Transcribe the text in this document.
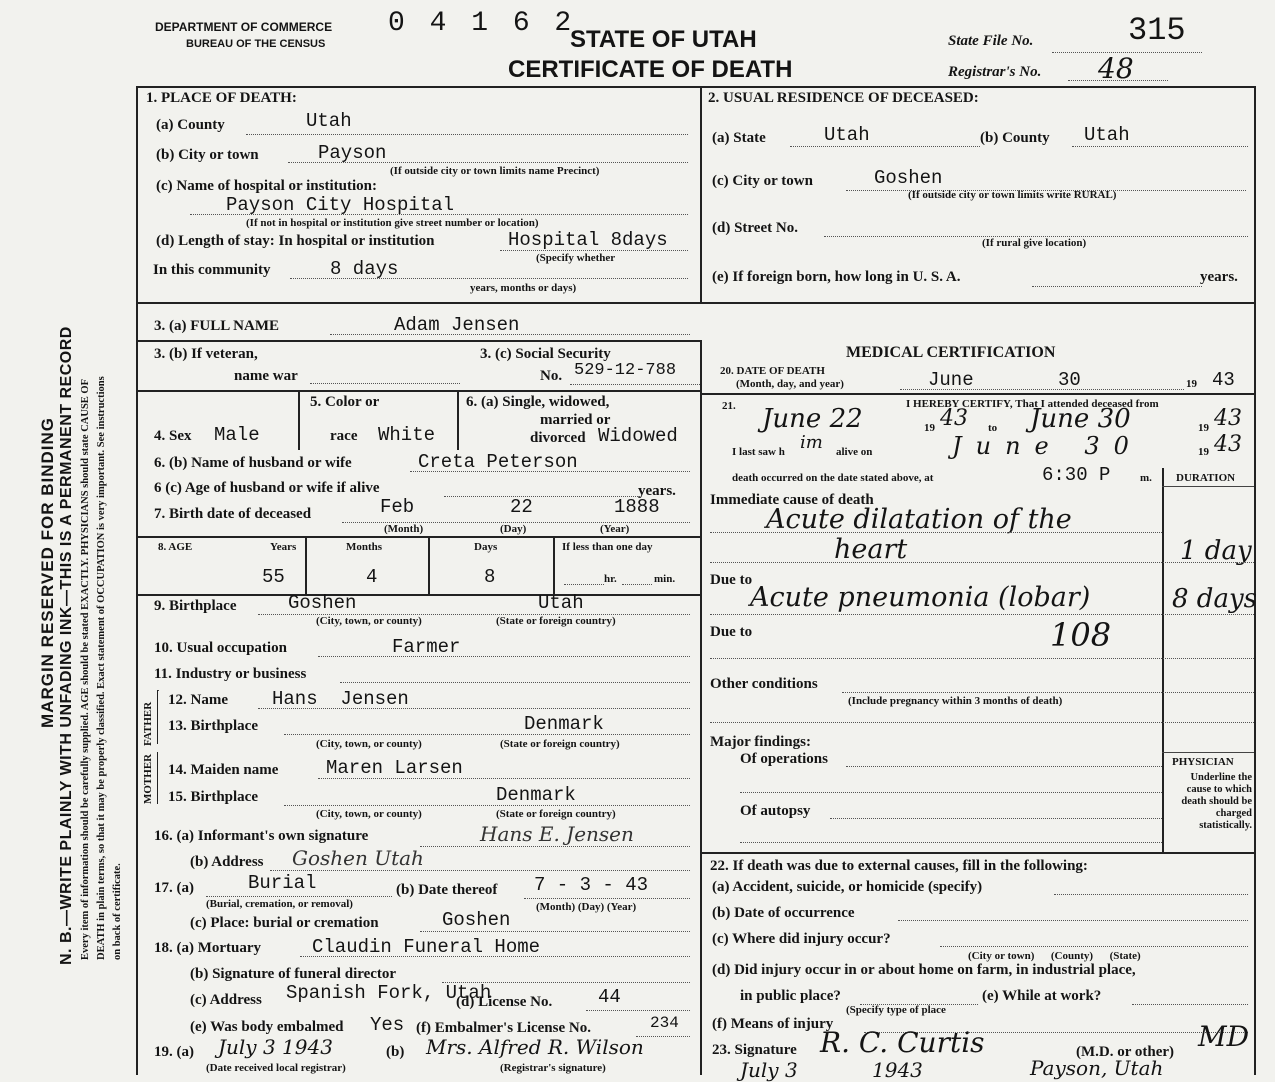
MARGIN RESERVED FOR BINDING N. B.—WRITE PLAINLY WITH UNFADING INK—THIS IS A PERMANENT RECORD Every item of information should be carefully supplied. AGE should be stated EXACTLY. PHYSICIANS should state CAUSE OF DEATH in plain terms, so that it may be properly classified. Exact statement of OCCUPATION is very important. See instructions on back of certificate.
DEPARTMENT OF COMMERCE
BUREAU OF THE CENSUS
0 4 1 6 2
STATE OF UTAH
CERTIFICATE OF DEATH
State File No.	315
Registrar's No. 48
1. PLACE OF DEATH:
(a) County	Utah
(b) City or town	Payson
(If outside city or town limits name Precinct)
(c) Name of hospital or institution:
Payson City Hospital
(If not in hospital or institution give street number or location)
(d) Length of stay: In hospital or institution	Hospital 8days
(Specify whether
In this community	8 days
years, months or days)
2. USUAL RESIDENCE OF DECEASED:
(a) State	Utah	(b) County Utah
(c) City or town	Goshen
(If outside city or town limits write RURAL)
(d) Street No.
(If rural give location)
(e) If foreign born, how long in U. S. A.	years.
3. (a) FULL NAME	Adam Jensen
3. (b) If veteran,
name war
3. (c) Social Security
No. 529-12-788
5. Color or
race White
6. (a) Single, widowed,
married or
divorced Widowed
4. Sex Male
6. (b) Name of husband or wife	Creta Peterson
6 (c) Age of husband or wife if alive	years.
7. Birth date of deceased	Feb	22	1888
(Month)	(Day)	(Year)
8. AGE	Years	Months	Days	If less than one day
55	4	8	hr.	min.
9. Birthplace	Goshen	Utah
(City, town, or county)	(State or foreign country)
10. Usual occupation	Farmer
11. Industry or business
FATHER
MOTHER
12. Name Hans  Jensen
13. Birthplace	Denmark
(City, town, or county)	(State or foreign country)
14. Maiden name	Maren Larsen
15. Birthplace	Denmark
(City, town, or county)	(State or foreign country)
16. (a) Informant's own signature	Hans E. Jensen
(b) Address Goshen Utah
17. (a)	Burial
(Burial, cremation, or removal)
(b) Date thereof 7 - 3 - 43
(Month) (Day) (Year)
(c) Place: burial or cremation	Goshen
18. (a) Mortuary	Claudin Funeral Home
(b) Signature of funeral director
(c) Address Spanish Fork, Utah
(d) License No. 44
(e) Was body embalmed Yes (f) Embalmer's License No.	234
19. (a) July 3 1943	(b) Mrs. Alfred R. Wilson
(Date received local registrar)	(Registrar's signature)
MEDICAL CERTIFICATION
20. DATE OF DEATH
(Month, day, and year)	June	30	19 43
21.	I HEREBY CERTIFY, That I attended deceased from
June 22	19 43 to June 30	19 43
I last saw h im alive on	June 30	19 43
death occurred on the date stated above, at	6:30 P	m. DURATION
Immediate cause of death
Acute dilatation of the
heart	1 day
Due to
Acute pneumonia (lobar)	8 days
Due to	108
Other conditions
(Include pregnancy within 3 months of death)
Major findings:
Of operations
Of autopsy
PHYSICIAN
Underline the cause to which death should be charged statistically.
22. If death was due to external causes, fill in the following:
(a) Accident, suicide, or homicide (specify)
(b) Date of occurrence
(c) Where did injury occur?
(City or town)      (County)      (State)
(d) Did injury occur in or about home on farm, in industrial place,
in public place?
(Specify type of place
(e) While at work?
(f) Means of injury
23. Signature R. C. Curtis	(M.D. or other) MD
July 3	1943	Payson, Utah
